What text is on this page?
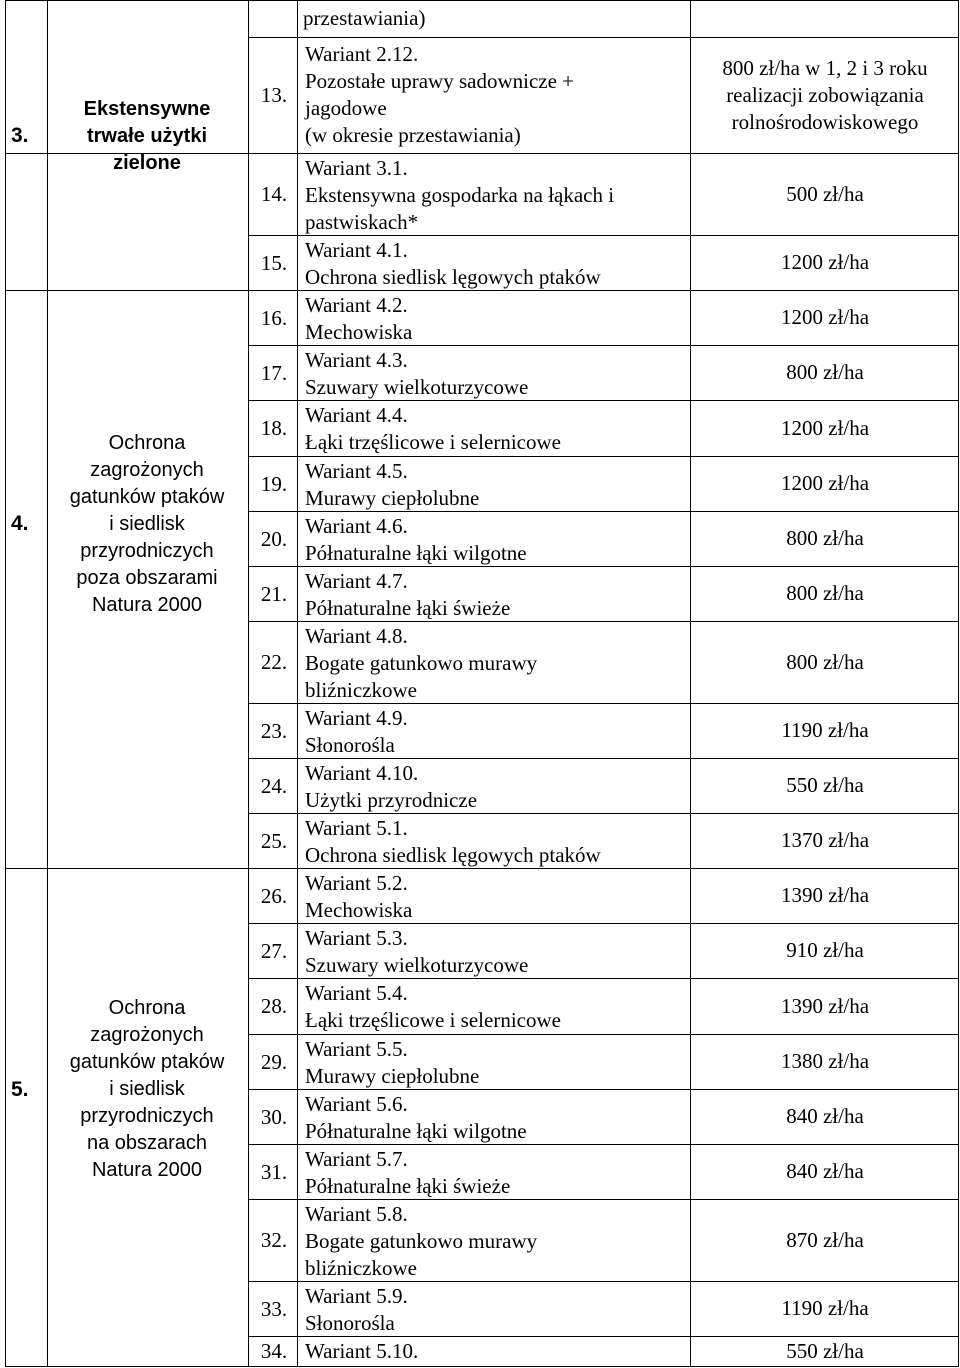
przestawiania)
13.
Wariant 2.12.
Pozostałe uprawy sadownicze +
jagodowe
(w okresie przestawiania)
800 zł/ha w 1, 2 i 3 roku
realizacji zobowiązania
rolnośrodowiskowego
14.
Wariant 3.1.
Ekstensywna gospodarka na łąkach i
pastwiskach*
500 zł/ha
15.
Wariant 4.1.
Ochrona siedlisk lęgowych ptaków
1200 zł/ha
16.
Wariant 4.2.
Mechowiska
1200 zł/ha
17.
Wariant 4.3.
Szuwary wielkoturzycowe
800 zł/ha
18.
Wariant 4.4.
Łąki trzęślicowe i selernicowe
1200 zł/ha
19.
Wariant 4.5.
Murawy ciepłolubne
1200 zł/ha
20.
Wariant 4.6.
Półnaturalne łąki wilgotne
800 zł/ha
21.
Wariant 4.7.
Półnaturalne łąki świeże
800 zł/ha
22.
Wariant 4.8.
Bogate gatunkowo murawy
bliźniczkowe
800 zł/ha
23.
Wariant 4.9.
Słonorośla
1190 zł/ha
24.
Wariant 4.10.
Użytki przyrodnicze
550 zł/ha
25.
Wariant 5.1.
Ochrona siedlisk lęgowych ptaków
1370 zł/ha
26.
Wariant 5.2.
Mechowiska
1390 zł/ha
27.
Wariant 5.3.
Szuwary wielkoturzycowe
910 zł/ha
28.
Wariant 5.4.
Łąki trzęślicowe i selernicowe
1390 zł/ha
29.
Wariant 5.5.
Murawy ciepłolubne
1380 zł/ha
30.
Wariant 5.6.
Półnaturalne łąki wilgotne
840 zł/ha
31.
Wariant 5.7.
Półnaturalne łąki świeże
840 zł/ha
32.
Wariant 5.8.
Bogate gatunkowo murawy
bliźniczkowe
870 zł/ha
33.
Wariant 5.9.
Słonorośla
1190 zł/ha
34. Wariant 5.10.	550 zł/ha
3.
Ekstensywne
trwałe użytki
zielone
4.
Ochrona
zagrożonych
gatunków ptaków
i siedlisk
przyrodniczych
poza obszarami
Natura 2000
5.
Ochrona
zagrożonych
gatunków ptaków
i siedlisk
przyrodniczych
na obszarach
Natura 2000
